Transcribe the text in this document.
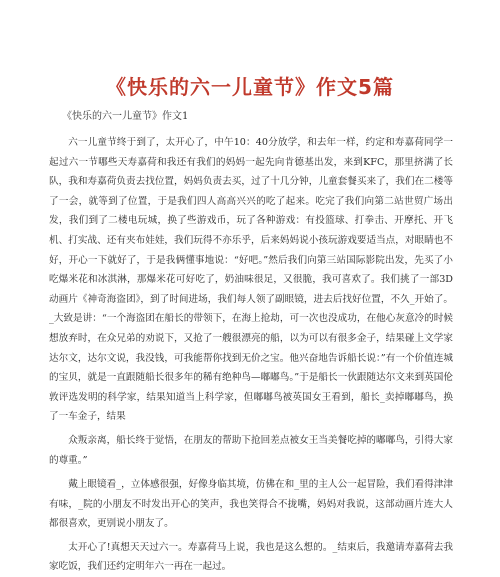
《快乐的六一儿童节》作文5篇
《快乐的六一儿童节》作文1

六一儿童节终于到了，太开心了，中午10：40分放学，和去年一样，约定和寿嘉荷同学一起过六一节哪些天寿嘉荷和我还有我们的妈妈一起先向肯德基出发，来到KFC，那里挤满了长队，我和寿嘉荷负责去找位置，妈妈负责去买，过了十几分钟，儿童套餐买来了，我们在二楼等了一会，就等到了位置，于是我们四人高高兴兴的吃了起来。吃完了我们向第二站世贸广场出发，我们到了二楼电玩城，换了些游戏币，玩了各种游戏：有投篮球、打拳击、开摩托、开飞机、打实战、还有夹布娃娃，我们玩得不亦乐乎，后来妈妈说小孩玩游戏要适当点，对眼睛也不好，开心一下就好了，于是我俩懂事地说：“好吧。”然后我们向第三站国际影院出发，先买了小吃爆米花和冰淇淋，那爆米花可好吃了，奶油味很足，又很脆，我可喜欢了。我们挑了一部3D动画片《神奇海盗团》，到了时间进场，我们每人领了副眼镜，进去后找好位置，不久_开始了。_大致是讲：“一个海盗团在船长的带领下，在海上抢劫，可一次也没成功，在他心灰意冷的时候想放弃时，在众兄弟的劝说下，又抢了一艘很漂亮的船，以为可以有很多金子，结果碰上文学家达尔文，达尔文说，我没钱，可我能帮你找到无价之宝。他兴奋地告诉船长说：”有一个价值连城的宝贝，就是一直跟随船长很多年的稀有绝种鸟—嘟嘟鸟。”于是船长一伙跟随达尔文来到英国伦敦评选发明的科学家，结果知道当上科学家，但嘟嘟鸟被英国女王看到，船长_卖掉嘟嘟鸟，换了一车金子，结果

众叛亲离，船长终于觉悟，在朋友的帮助下抢回差点被女王当美餐吃掉的嘟嘟鸟，引得大家的尊重。”

戴上眼镜看_，立体感很强，好像身临其境，仿佛在和_里的主人公一起冒险，我们看得津津有味，_院的小朋友不时发出开心的笑声，我也笑得合不拢嘴，妈妈对我说，这部动画片连大人都很喜欢，更别说小朋友了。

太开心了!真想天天过六一。寿嘉荷马上说，我也是这么想的。_结束后，我邀请寿嘉荷去我家吃饭，我们还约定明年六一再在一起过。
